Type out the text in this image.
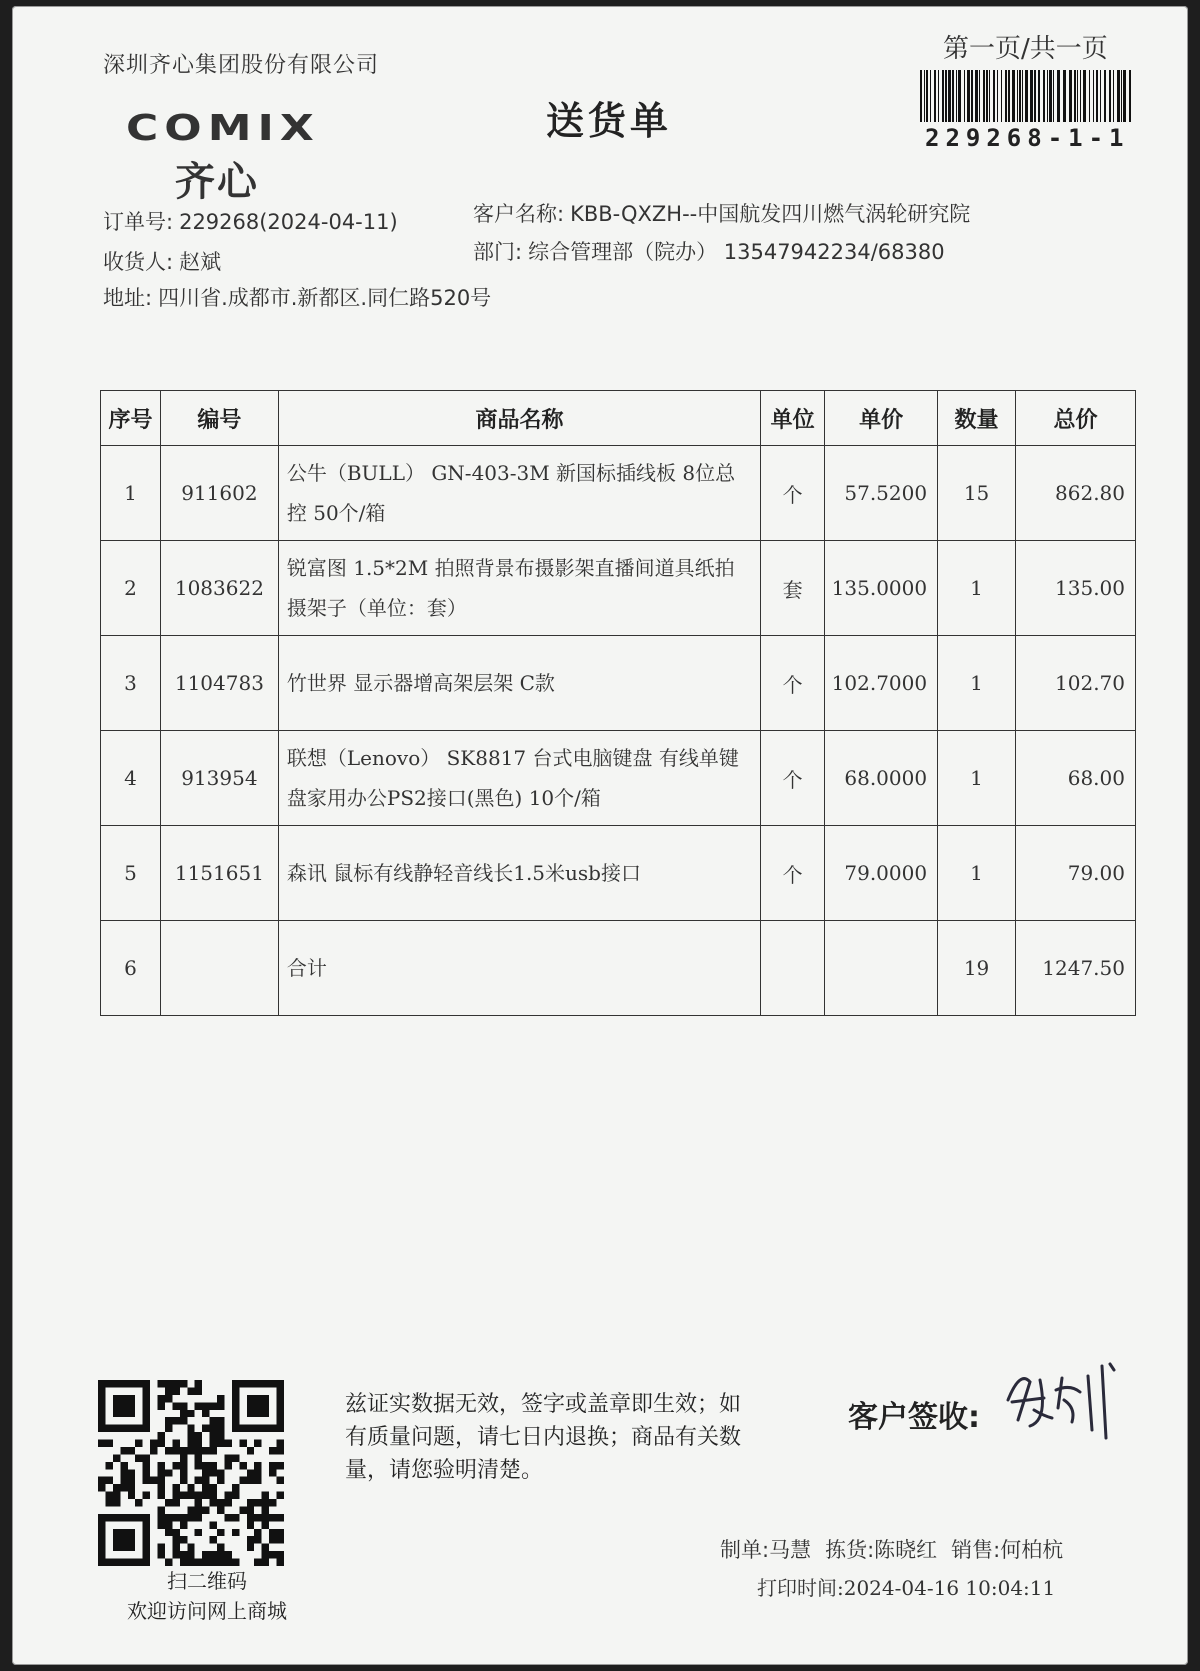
深圳齐心集团股份有限公司
COMIX
齐心
送货单
第一页/共一页
229268-1-1
订单号: 229268(2024-04-11)
收货人: 赵斌
地址: 四川省.成都市.新都区.同仁路520号
客户名称: KBB-QXZH--中国航发四川燃气涡轮研究院
部门: 综合管理部（院办） 13547942234/68380
序号	编号	商品名称	单位	单价	数量	总价
1	911602	公牛（BULL） GN-403-3M 新国标插线板 8位总控 50个/箱	个	57.5200	15	862.80
2	1083622	锐富图 1.5*2M 拍照背景布摄影架直播间道具纸拍摄架子（单位：套）	套	135.0000	1	135.00
3	1104783	竹世界 显示器增高架层架 C款	个	102.7000	1	102.70
4	913954	联想（Lenovo） SK8817 台式电脑键盘 有线单键盘家用办公PS2接口(黑色) 10个/箱	个	68.0000	1	68.00
5	1151651	森讯 鼠标有线静轻音线长1.5米usb接口	个	79.0000	1	79.00
6		合计			19	1247.50
扫二维码
欢迎访问网上商城
兹证实数据无效，签字或盖章即生效；如有质量问题，请七日内退换；商品有关数量，请您验明清楚。
客户签收:
制单:马慧 拣货:陈晓红 销售:何柏杭
打印时间:2024-04-16 10:04:11
